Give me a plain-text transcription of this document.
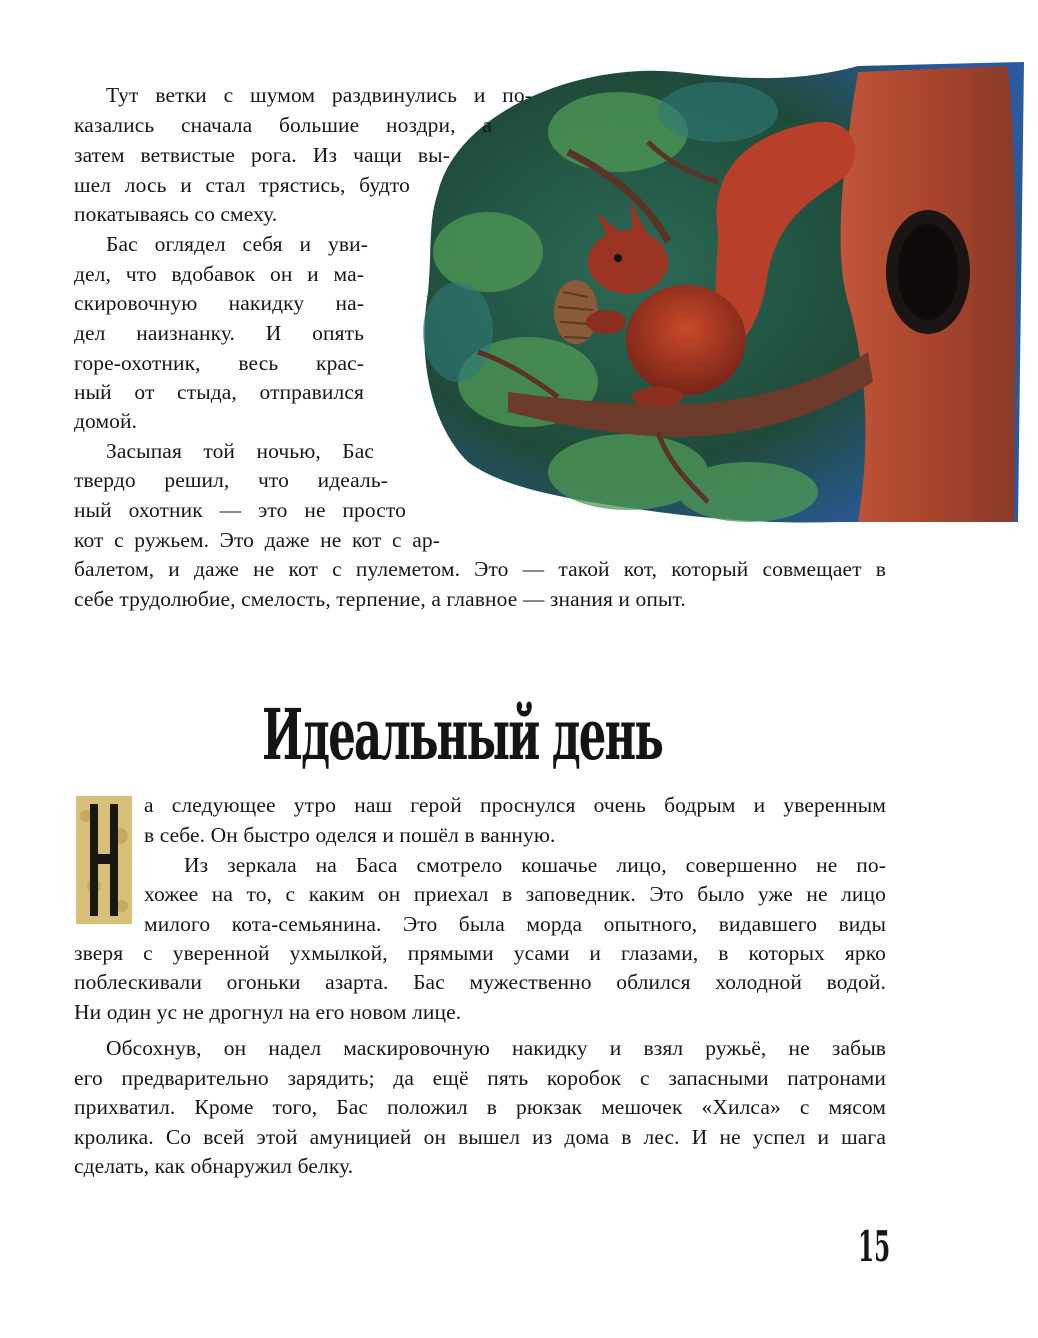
Тут ветки с шумом раздвинулись и по-

казались сначала большие ноздри, а

затем ветвистые рога. Из чащи вы-

шел лось и стал трястись, будто

покатываясь со смеху.

Бас оглядел себя и уви-

дел, что вдобавок он и ма-

скировочную накидку на-

дел наизнанку. И опять

горе-охотник, весь крас-

ный от стыда, отправился

домой.

Засыпая той ночью, Бас

твердо решил, что идеаль-

ный охотник — это не просто

кот с ружьем. Это даже не кот с ар-

балетом, и даже не кот с пулеметом. Это — такой кот, который совмещает в

себе трудолюбие, смелость, терпение, а главное — знания и опыт.

Идеальный день

а следующее утро наш герой проснулся очень бодрым и уверенным

в себе. Он быстро оделся и пошёл в ванную.

Из зеркала на Баса смотрело кошачье лицо, совершенно не по-

хожее на то, с каким он приехал в заповедник. Это было уже не лицо

милого кота-семьянина. Это была морда опытного, видавшего виды

зверя с уверенной ухмылкой, прямыми усами и глазами, в которых ярко

поблескивали огоньки азарта. Бас мужественно облился холодной водой.

Ни один ус не дрогнул на его новом лице.

Обсохнув, он надел маскировочную накидку и взял ружьё, не забыв

его предварительно зарядить; да ещё пять коробок с запасными патронами

прихватил. Кроме того, Бас положил в рюкзак мешочек «Хилса» с мясом

кролика. Со всей этой амуницией он вышел из дома в лес. И не успел и шага

сделать, как обнаружил белку.

15
